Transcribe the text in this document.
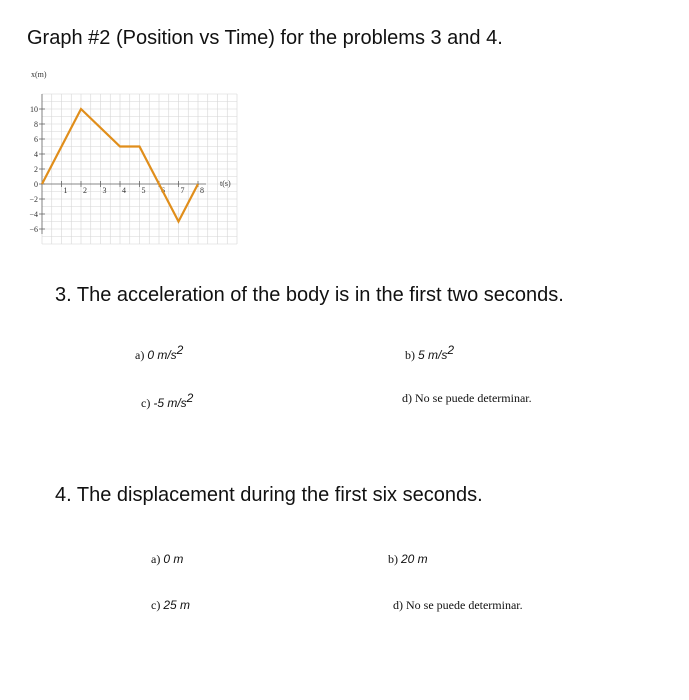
Graph #2 (Position vs Time) for the problems 3 and 4.
1 2 3 4 5 6 7 8
10
8
6
4
2
0
−2
−4
−6
x(m)
t(s)
3. The acceleration of the body is in the first two seconds.
a) 0 $m/s^2$	b) 5 $m/s^2$
c) -5 $m/s^2$	d) No se puede determinar.
4. The displacement during the first six seconds.
a) 0 m	b) 20 m
c) 25 m	d) No se puede determinar.
